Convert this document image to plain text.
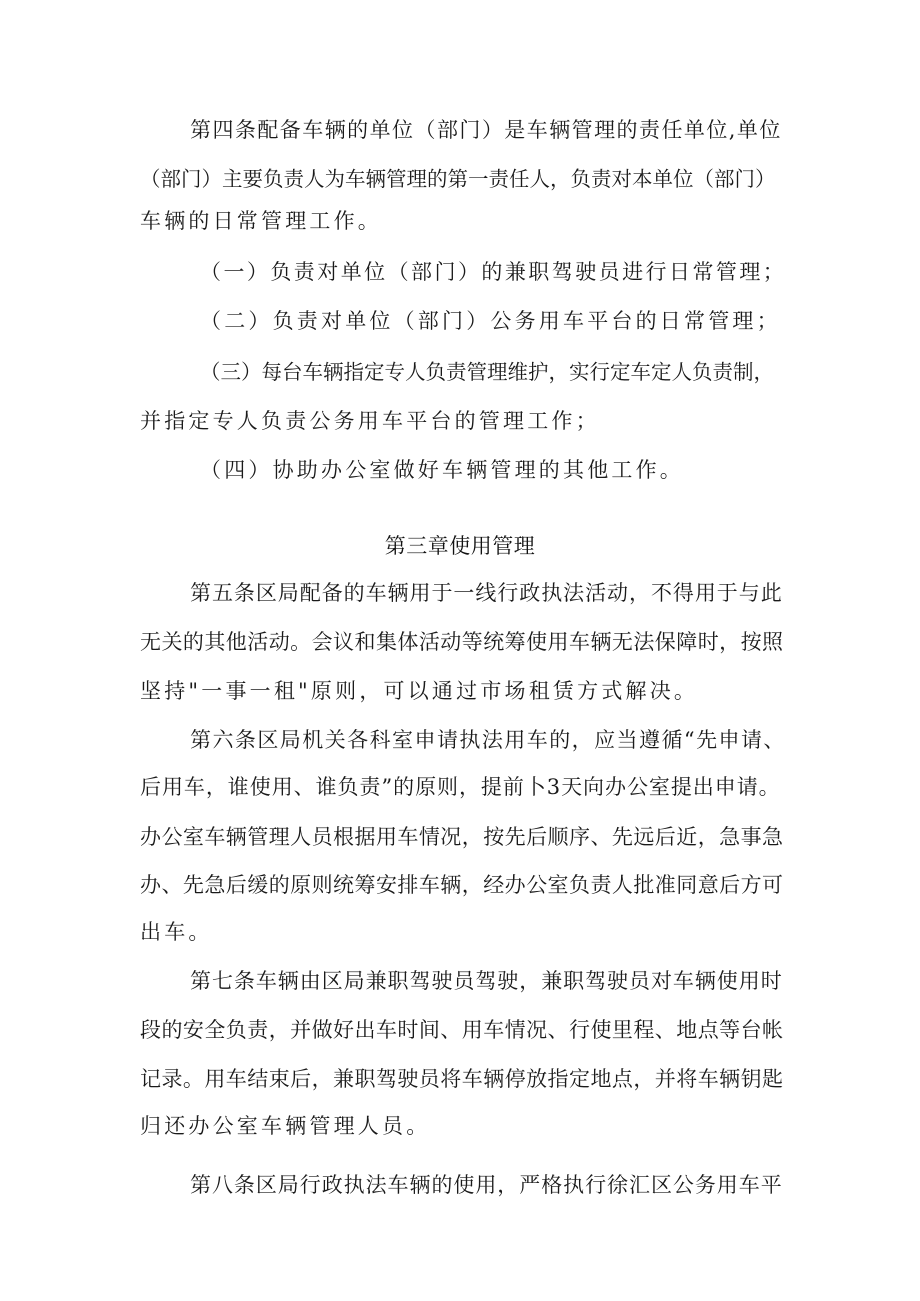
第四条配备车辆的单位（部门）是车辆管理的责任单位,单位
（部门）主要负责人为车辆管理的第一责任人，负责对本单位（部门）
车辆的日常管理工作。
（一）负责对单位（部门）的兼职驾驶员进行日常管理；
（二）负责对单位（部门）公务用车平台的日常管理；
（三）每台车辆指定专人负责管理维护，实行定车定人负责制，
并指定专人负责公务用车平台的管理工作；
（四）协助办公室做好车辆管理的其他工作。
第三章使用管理
第五条区局配备的车辆用于一线行政执法活动，不得用于与此
无关的其他活动。会议和集体活动等统筹使用车辆无法保障时，按照
坚持"一事一租"原则，可以通过市场租赁方式解决。
第六条区局机关各科室申请执法用车的，应当遵循“先申请、
后用车，谁使用、谁负责”的原则，提前卜3天向办公室提出申请。
办公室车辆管理人员根据用车情况，按先后顺序、先远后近，急事急
办、先急后缓的原则统筹安排车辆，经办公室负责人批准同意后方可
出车。
第七条车辆由区局兼职驾驶员驾驶，兼职驾驶员对车辆使用时
段的安全负责，并做好出车时间、用车情况、行使里程、地点等台帐
记录。用车结束后，兼职驾驶员将车辆停放指定地点，并将车辆钥匙
归还办公室车辆管理人员。
第八条区局行政执法车辆的使用，严格执行徐汇区公务用车平
